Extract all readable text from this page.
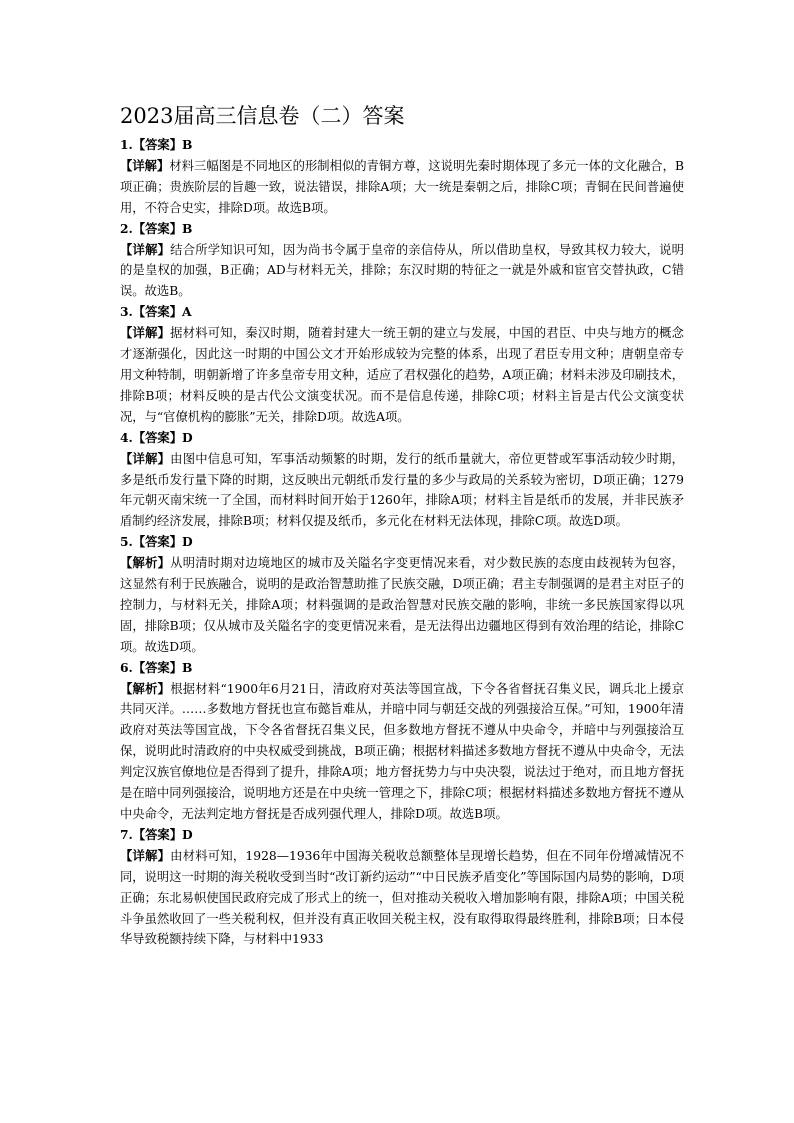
2023届高三信息卷（二）答案

1.【答案】B

【详解】材料三幅图是不同地区的形制相似的青铜方尊，这说明先秦时期体现了多元一体的文化融合，B项正确；贵族阶层的旨趣一致，说法错误，排除A项；大一统是秦朝之后，排除C项；青铜在民间普遍使用，不符合史实，排除D项。故选B项。

2.【答案】B

【详解】结合所学知识可知，因为尚书令属于皇帝的亲信侍从，所以借助皇权，导致其权力较大，说明的是皇权的加强，B正确；AD与材料无关，排除；东汉时期的特征之一就是外戚和宦官交替执政，C错误。故选B。

3.【答案】A

【详解】据材料可知，秦汉时期，随着封建大一统王朝的建立与发展，中国的君臣、中央与地方的概念才逐渐强化，因此这一时期的中国公文才开始形成较为完整的体系，出现了君臣专用文种；唐朝皇帝专用文种特制，明朝新增了许多皇帝专用文种，适应了君权强化的趋势，A项正确；材料未涉及印刷技术，排除B项；材料反映的是古代公文演变状况。而不是信息传递，排除C项；材料主旨是古代公文演变状况，与“官僚机构的膨胀”无关，排除D项。故选A项。

4.【答案】D

【详解】由图中信息可知，军事活动频繁的时期，发行的纸币量就大，帝位更替或军事活动较少时期，多是纸币发行量下降的时期，这反映出元朝纸币发行量的多少与政局的关系较为密切，D项正确；1279年元朝灭南宋统一了全国，而材料时间开始于1260年，排除A项；材料主旨是纸币的发展，并非民族矛盾制约经济发展，排除B项；材料仅提及纸币，多元化在材料无法体现，排除C项。故选D项。

5.【答案】D

【解析】从明清时期对边境地区的城市及关隘名字变更情况来看，对少数民族的态度由歧视转为包容，这显然有利于民族融合，说明的是政治智慧助推了民族交融，D项正确；君主专制强调的是君主对臣子的控制力，与材料无关，排除A项；材料强调的是政治智慧对民族交融的影响，非统一多民族国家得以巩固，排除B项；仅从城市及关隘名字的变更情况来看，是无法得出边疆地区得到有效治理的结论，排除C项。故选D项。

6.【答案】B

【解析】根据材料“1900年6月21日，清政府对英法等国宣战，下令各省督抚召集义民，调兵北上援京共同灭洋。……多数地方督抚也宣布懿旨难从，并暗中同与朝廷交战的列强接洽互保。”可知，1900年清政府对英法等国宣战，下令各省督抚召集义民，但多数地方督抚不遵从中央命令，并暗中与列强接洽互保，说明此时清政府的中央权威受到挑战，B项正确；根据材料描述多数地方督抚不遵从中央命令，无法判定汉族官僚地位是否得到了提升，排除A项；地方督抚势力与中央决裂，说法过于绝对，而且地方督抚是在暗中同列强接洽，说明地方还是在中央统一管理之下，排除C项；根据材料描述多数地方督抚不遵从中央命令，无法判定地方督抚是否成列强代理人，排除D项。故选B项。

7.【答案】D

【详解】由材料可知，1928—1936年中国海关税收总额整体呈现增长趋势，但在不同年份增减情况不同，说明这一时期的海关税收受到当时“改订新约运动”“中日民族矛盾变化”等国际国内局势的影响，D项正确；东北易帜使国民政府完成了形式上的统一，但对推动关税收入增加影响有限，排除A项；中国关税斗争虽然收回了一些关税利权，但并没有真正收回关税主权，没有取得取得最终胜利，排除B项；日本侵华导致税额持续下降，与材料中1933
